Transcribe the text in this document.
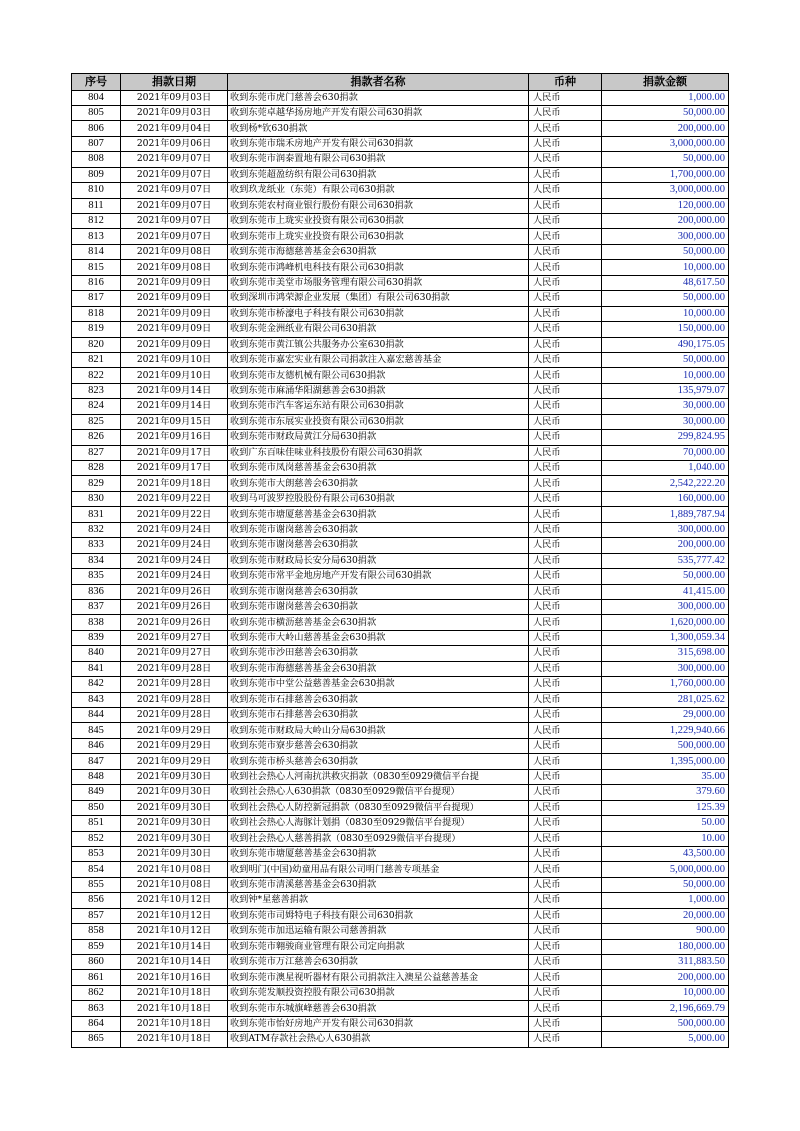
序号	捐款日期	捐款者名称	币种	捐款金额
804	2021年09月03日	收到东莞市虎门慈善会630捐款	人民币	1,000.00
805	2021年09月03日	收到东莞卓越华扬房地产开发有限公司630捐款	人民币	50,000.00
806	2021年09月04日	收到杨*钦630捐款	人民币	200,000.00
807	2021年09月06日	收到东莞市瑞禾房地产开发有限公司630捐款	人民币	3,000,000.00
808	2021年09月07日	收到东莞市润泰置地有限公司630捐款	人民币	50,000.00
809	2021年09月07日	收到东莞超盈纺织有限公司630捐款	人民币	1,700,000.00
810	2021年09月07日	收到玖龙纸业（东莞）有限公司630捐款	人民币	3,000,000.00
811	2021年09月07日	收到东莞农村商业银行股份有限公司630捐款	人民币	120,000.00
812	2021年09月07日	收到东莞市上珑实业投资有限公司630捐款	人民币	200,000.00
813	2021年09月07日	收到东莞市上珑实业投资有限公司630捐款	人民币	300,000.00
814	2021年09月08日	收到东莞市海德慈善基金会630捐款	人民币	50,000.00
815	2021年09月08日	收到东莞市鸿峰机电科技有限公司630捐款	人民币	10,000.00
816	2021年09月09日	收到东莞市美堂市场服务管理有限公司630捐款	人民币	48,617.50
817	2021年09月09日	收到深圳市鸿荣源企业发展（集团）有限公司630捐款	人民币	50,000.00
818	2021年09月09日	收到东莞市桥濠电子科技有限公司630捐款	人民币	10,000.00
819	2021年09月09日	收到东莞金洲纸业有限公司630捐款	人民币	150,000.00
820	2021年09月09日	收到东莞市黄江镇公共服务办公室630捐款	人民币	490,175.05
821	2021年09月10日	收到东莞市嘉宏实业有限公司捐款注入嘉宏慈善基金	人民币	50,000.00
822	2021年09月10日	收到东莞市友德机械有限公司630捐款	人民币	10,000.00
823	2021年09月14日	收到东莞市麻涌华阳湖慈善会630捐款	人民币	135,979.07
824	2021年09月14日	收到东莞市汽车客运东站有限公司630捐款	人民币	30,000.00
825	2021年09月15日	收到东莞市东展实业投资有限公司630捐款	人民币	30,000.00
826	2021年09月16日	收到东莞市财政局黄江分局630捐款	人民币	299,824.95
827	2021年09月17日	收到广东百味佳味业科技股份有限公司630捐款	人民币	70,000.00
828	2021年09月17日	收到东莞市凤岗慈善基金会630捐款	人民币	1,040.00
829	2021年09月18日	收到东莞市大朗慈善会630捐款	人民币	2,542,222.20
830	2021年09月22日	收到马可波罗控股股份有限公司630捐款	人民币	160,000.00
831	2021年09月22日	收到东莞市塘厦慈善基金会630捐款	人民币	1,889,787.94
832	2021年09月24日	收到东莞市谢岗慈善会630捐款	人民币	300,000.00
833	2021年09月24日	收到东莞市谢岗慈善会630捐款	人民币	200,000.00
834	2021年09月24日	收到东莞市财政局长安分局630捐款	人民币	535,777.42
835	2021年09月24日	收到东莞市常平金地房地产开发有限公司630捐款	人民币	50,000.00
836	2021年09月26日	收到东莞市谢岗慈善会630捐款	人民币	41,415.00
837	2021年09月26日	收到东莞市谢岗慈善会630捐款	人民币	300,000.00
838	2021年09月26日	收到东莞市横沥慈善基金会630捐款	人民币	1,620,000.00
839	2021年09月27日	收到东莞市大岭山慈善基金会630捐款	人民币	1,300,059.34
840	2021年09月27日	收到东莞市沙田慈善会630捐款	人民币	315,698.00
841	2021年09月28日	收到东莞市海德慈善基金会630捐款	人民币	300,000.00
842	2021年09月28日	收到东莞市中堂公益慈善基金会630捐款	人民币	1,760,000.00
843	2021年09月28日	收到东莞市石排慈善会630捐款	人民币	281,025.62
844	2021年09月28日	收到东莞市石排慈善会630捐款	人民币	29,000.00
845	2021年09月29日	收到东莞市财政局大岭山分局630捐款	人民币	1,229,940.66
846	2021年09月29日	收到东莞市寮步慈善会630捐款	人民币	500,000.00
847	2021年09月29日	收到东莞市桥头慈善会630捐款	人民币	1,395,000.00
848	2021年09月30日	收到社会热心人河南抗洪救灾捐款（0830至0929微信平台提	人民币	35.00
849	2021年09月30日	收到社会热心人630捐款（0830至0929微信平台提现）	人民币	379.60
850	2021年09月30日	收到社会热心人防控新冠捐款（0830至0929微信平台提现）	人民币	125.39
851	2021年09月30日	收到社会热心人海豚计划捐（0830至0929微信平台提现）	人民币	50.00
852	2021年09月30日	收到社会热心人慈善捐款（0830至0929微信平台提现）	人民币	10.00
853	2021年09月30日	收到东莞市塘厦慈善基金会630捐款	人民币	43,500.00
854	2021年10月08日	收到明门(中国)幼童用品有限公司明门慈善专项基金	人民币	5,000,000.00
855	2021年10月08日	收到东莞市清溪慈善基金会630捐款	人民币	50,000.00
856	2021年10月12日	收到钟*星慈善捐款	人民币	1,000.00
857	2021年10月12日	收到东莞市司姆特电子科技有限公司630捐款	人民币	20,000.00
858	2021年10月12日	收到东莞市加迅运输有限公司慈善捐款	人民币	900.00
859	2021年10月14日	收到东莞市翱骏商业管理有限公司定向捐款	人民币	180,000.00
860	2021年10月14日	收到东莞市万江慈善会630捐款	人民币	311,883.50
861	2021年10月16日	收到东莞市澳星视听器材有限公司捐款注入澳星公益慈善基金	人民币	200,000.00
862	2021年10月18日	收到东莞发顺投资控股有限公司630捐款	人民币	10,000.00
863	2021年10月18日	收到东莞市东城旗峰慈善会630捐款	人民币	2,196,669.79
864	2021年10月18日	收到东莞市怡好房地产开发有限公司630捐款	人民币	500,000.00
865	2021年10月18日	收到ATM存款社会热心人630捐款	人民币	5,000.00
